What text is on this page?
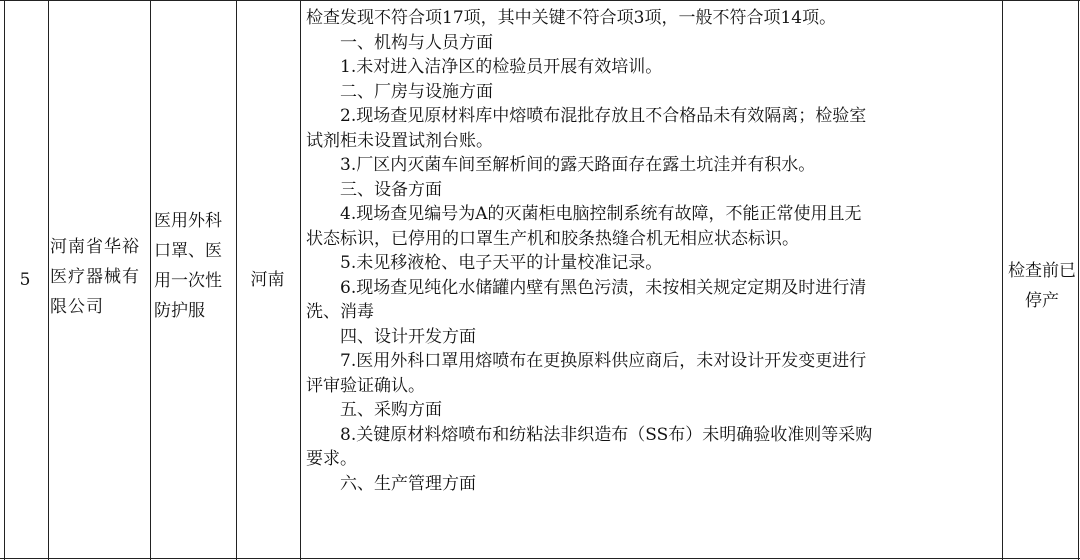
5
河南省华裕医疗器械有限公司
医用外科口罩、医用一次性防护服
河南
检查发现不符合项17项，其中关键不符合项3项，一般不符合项14项。
一、机构与人员方面
1.未对进入洁净区的检验员开展有效培训。
二、厂房与设施方面
2.现场查见原材料库中熔喷布混批存放且不合格品未有效隔离；检验室
试剂柜未设置试剂台账。
3.厂区内灭菌车间至解析间的露天路面存在露土坑洼并有积水。
三、设备方面
4.现场查见编号为A的灭菌柜电脑控制系统有故障，不能正常使用且无
状态标识，已停用的口罩生产机和胶条热缝合机无相应状态标识。
5.未见移液枪、电子天平的计量校准记录。
6.现场查见纯化水储罐内壁有黑色污渍，未按相关规定定期及时进行清
洗、消毒
四、设计开发方面
7.医用外科口罩用熔喷布在更换原料供应商后，未对设计开发变更进行
评审验证确认。
五、采购方面
8.关键原材料熔喷布和纺粘法非织造布（SS布）未明确验收准则等采购
要求。
六、生产管理方面
检查前已停产
